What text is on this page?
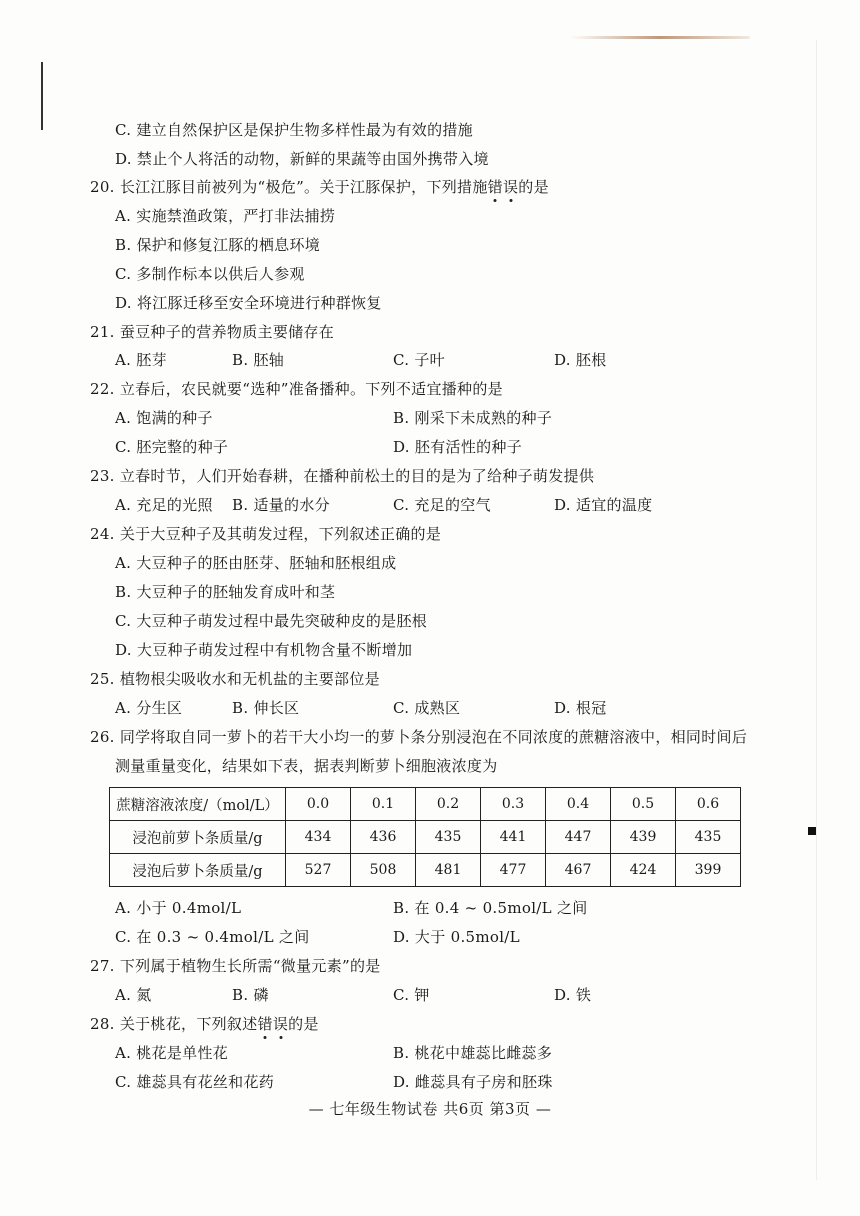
C. 建立自然保护区是保护生物多样性最为有效的措施
D. 禁止个人将活的动物，新鲜的果蔬等由国外携带入境
20. 长江江豚目前被列为“极危”。关于江豚保护，下列措施错误的是
A. 实施禁渔政策，严打非法捕捞
B. 保护和修复江豚的栖息环境
C. 多制作标本以供后人参观
D. 将江豚迁移至安全环境进行种群恢复
21. 蚕豆种子的营养物质主要储存在
A. 胚芽	B. 胚轴	C. 子叶	D. 胚根
22. 立春后，农民就要“选种”准备播种。下列不适宜播种的是
A. 饱满的种子	B. 刚采下未成熟的种子
C. 胚完整的种子	D. 胚有活性的种子
23. 立春时节，人们开始春耕，在播种前松土的目的是为了给种子萌发提供
A. 充足的光照 B. 适量的水分	C. 充足的空气	D. 适宜的温度
24. 关于大豆种子及其萌发过程，下列叙述正确的是
A. 大豆种子的胚由胚芽、胚轴和胚根组成
B. 大豆种子的胚轴发育成叶和茎
C. 大豆种子萌发过程中最先突破种皮的是胚根
D. 大豆种子萌发过程中有机物含量不断增加
25. 植物根尖吸收水和无机盐的主要部位是
A. 分生区	B. 伸长区	C. 成熟区	D. 根冠
26. 同学将取自同一萝卜的若干大小均一的萝卜条分别浸泡在不同浓度的蔗糖溶液中，相同时间后
测量重量变化，结果如下表，据表判断萝卜细胞液浓度为
蔗糖溶液浓度/（mol/L）	0.0	0.1	0.2	0.3	0.4	0.5	0.6
浸泡前萝卜条质量/g	434	436	435	441	447	439	435
浸泡后萝卜条质量/g	527	508	481	477	467	424	399
A. 小于 0.4mol/L	B. 在 0.4 ~ 0.5mol/L 之间
C. 在 0.3 ~ 0.4mol/L 之间	D. 大于 0.5mol/L
27. 下列属于植物生长所需“微量元素”的是
A. 氮	B. 磷	C. 钾	D. 铁
28. 关于桃花，下列叙述错误的是
A. 桃花是单性花	B. 桃花中雄蕊比雌蕊多
C. 雄蕊具有花丝和花药	D. 雌蕊具有子房和胚珠
— 七年级生物试卷 共6页 第3页 —
